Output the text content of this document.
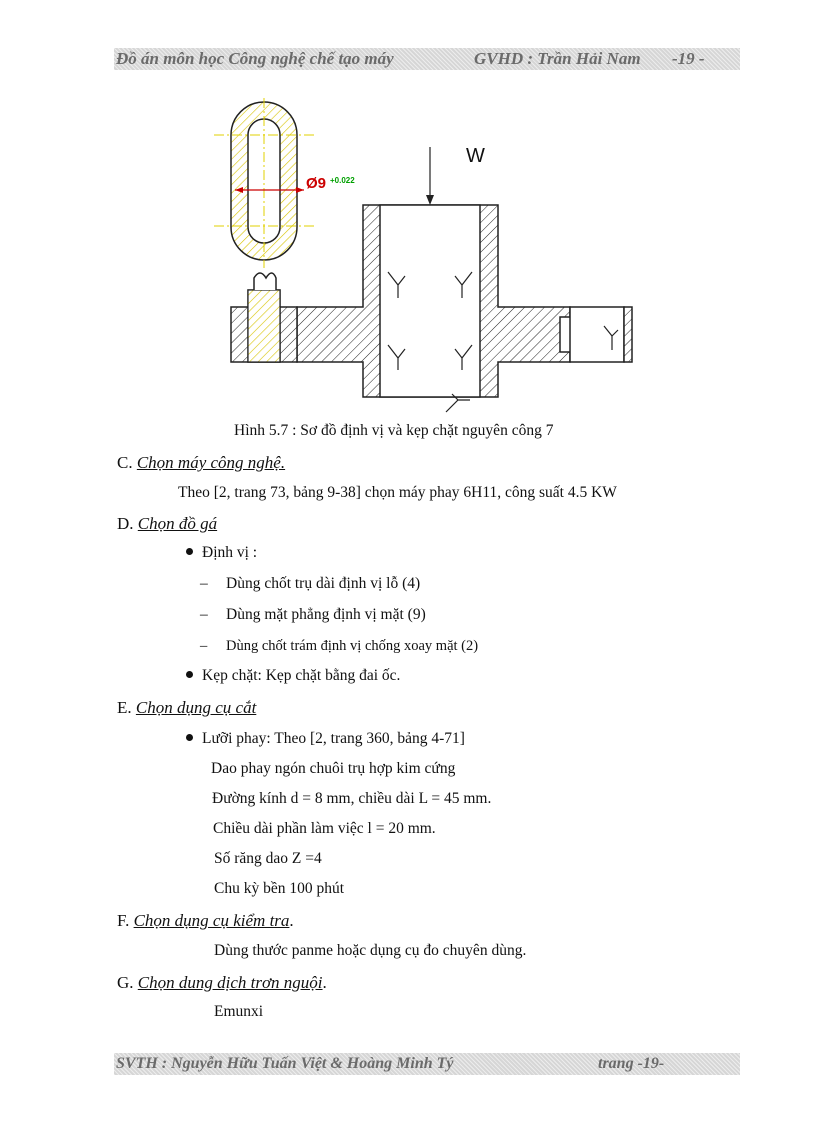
Đồ án môn học Công nghệ chế tạo máy	GVHD : Trần Hải Nam -19 -
Ø9 +0.022
W
Hình 5.7 : Sơ đồ định vị và kẹp chặt nguyên công 7
C. Chọn máy công nghệ.
Theo [2, trang 73, bảng 9-38] chọn máy phay 6H11, công suất 4.5 KW
D. Chọn đồ gá
Định vị :
– Dùng chốt trụ dài định vị lỗ (4)
– Dùng mặt phẳng định vị mặt (9)
– Dùng chốt trám định vị chống xoay mặt (2)
Kẹp chặt: Kẹp chặt bằng đai ốc.
E. Chọn dụng cụ cắt
Lưỡi phay: Theo [2, trang 360, bảng 4-71]
Dao phay ngón chuôi trụ hợp kim cứng
Đường kính d = 8 mm, chiều dài L = 45 mm.
Chiều dài phần làm việc l = 20 mm.
Số răng dao Z =4
Chu kỳ bền 100 phút
F. Chọn dụng cụ kiểm tra.
Dùng thước panme hoặc dụng cụ đo chuyên dùng.
G. Chọn dung dịch trơn nguội.
Emunxi
SVTH : Nguyễn Hữu Tuấn Việt & Hoàng Minh Tý	trang -19-
